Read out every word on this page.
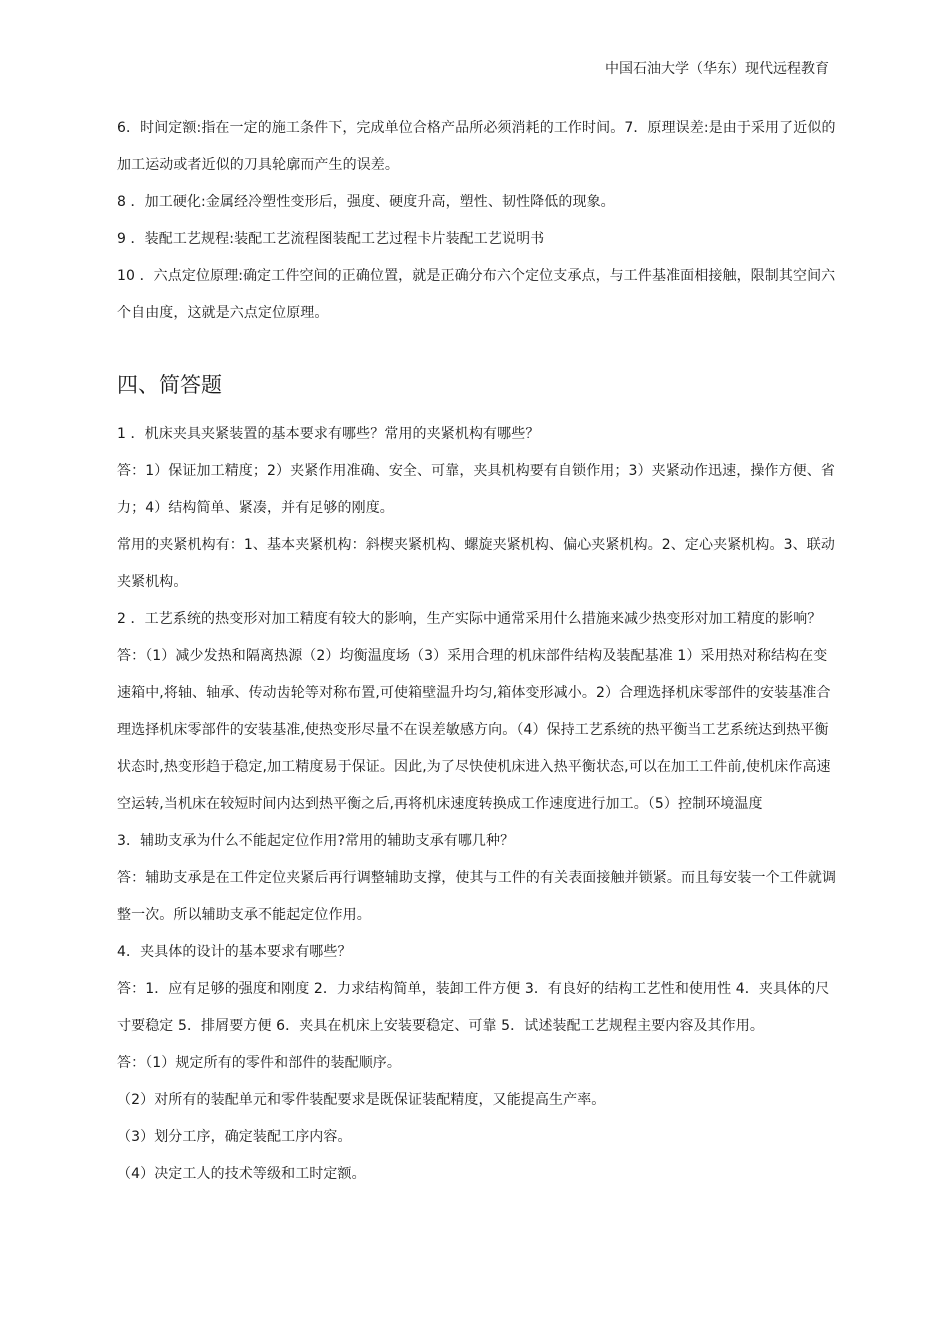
中国石油大学（华东）现代远程教育

6．时间定额:指在一定的施工条件下，完成单位合格产品所必须消耗的工作时间。7．原理误差:是由于采用了近似的加工运动或者近似的刀具轮廓而产生的误差。

8 ．加工硬化:金属经冷塑性变形后，强度、硬度升高，塑性、韧性降低的现象。

9 ．装配工艺规程:装配工艺流程图装配工艺过程卡片装配工艺说明书

10 ．六点定位原理:确定工件空间的正确位置，就是正确分布六个定位支承点，与工件基准面相接触，限制其空间六个自由度，这就是六点定位原理。

四、简答题

1 ．机床夹具夹紧装置的基本要求有哪些？常用的夹紧机构有哪些？

答：1）保证加工精度；2）夹紧作用准确、安全、可靠，夹具机构要有自锁作用；3）夹紧动作迅速，操作方便、省力；4）结构简单、紧凑，并有足够的刚度。

常用的夹紧机构有：1、基本夹紧机构：斜楔夹紧机构、螺旋夹紧机构、偏心夹紧机构。2、定心夹紧机构。3、联动夹紧机构。

2 ．工艺系统的热变形对加工精度有较大的影响，生产实际中通常采用什么措施来减少热变形对加工精度的影响？

答：（1）减少发热和隔离热源（2）均衡温度场（3）采用合理的机床部件结构及装配基准 1）采用热对称结构在变速箱中,将轴、轴承、传动齿轮等对称布置,可使箱壁温升均匀,箱体变形减小。2）合理选择机床零部件的安装基准合理选择机床零部件的安装基准,使热变形尽量不在误差敏感方向。（4）保持工艺系统的热平衡当工艺系统达到热平衡状态时,热变形趋于稳定,加工精度易于保证。因此,为了尽快使机床进入热平衡状态,可以在加工工件前,使机床作高速空运转,当机床在较短时间内达到热平衡之后,再将机床速度转换成工作速度进行加工。（5）控制环境温度

3．辅助支承为什么不能起定位作用?常用的辅助支承有哪几种？

答：辅助支承是在工件定位夹紧后再行调整辅助支撑，使其与工件的有关表面接触并锁紧。而且每安装一个工件就调整一次。所以辅助支承不能起定位作用。

4．夹具体的设计的基本要求有哪些？

答：1．应有足够的强度和刚度 2．力求结构简单，装卸工件方便 3．有良好的结构工艺性和使用性 4．夹具体的尺寸要稳定 5．排屑要方便 6．夹具在机床上安装要稳定、可靠 5．试述装配工艺规程主要内容及其作用。

答：（1）规定所有的零件和部件的装配顺序。

（2）对所有的装配单元和零件装配要求是既保证装配精度，又能提高生产率。

（3）划分工序，确定装配工序内容。

（4）决定工人的技术等级和工时定额。
